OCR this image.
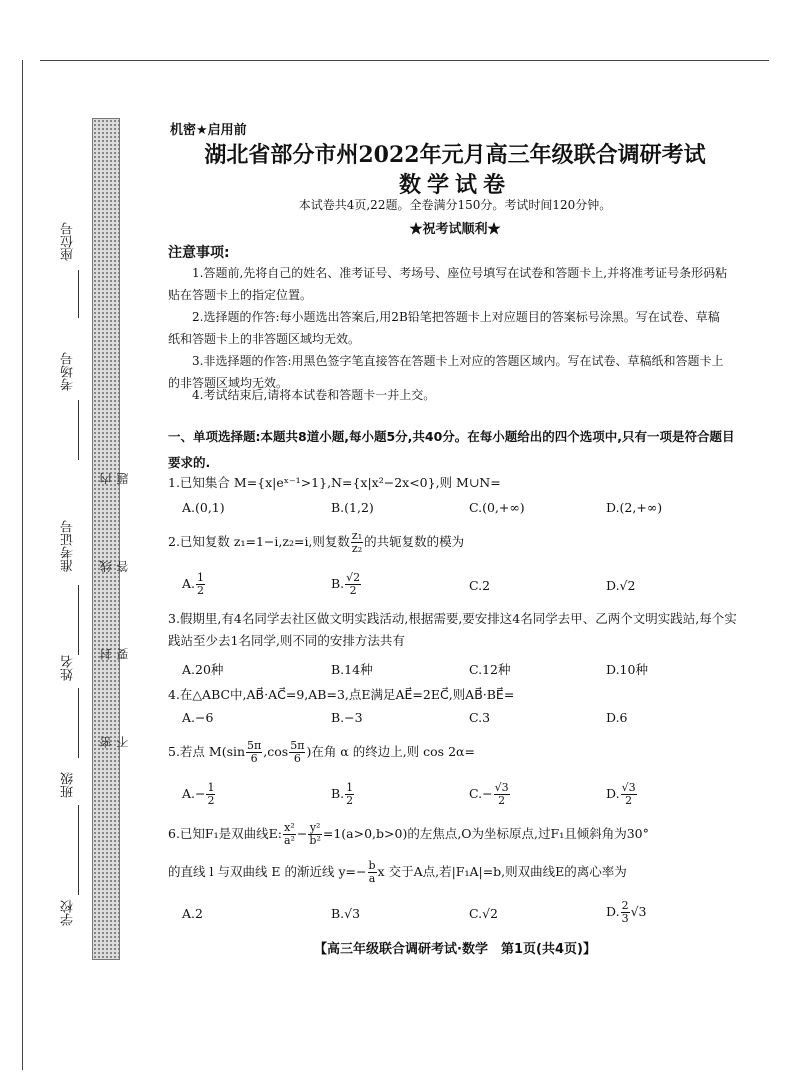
座位号
考场号
准考证号
姓名
班级
学校
密 封 线 内 不 要 答 题
机密★启用前
湖北省部分市州2022年元月高三年级联合调研考试
数学试卷
本试卷共4页,22题。全卷满分150分。考试时间120分钟。
★祝考试顺利★
注意事项:
1.答题前,先将自己的姓名、准考证号、考场号、座位号填写在试卷和答题卡上,并将准考证号条形码粘贴在答题卡上的指定位置。
2.选择题的作答:每小题选出答案后,用2B铅笔把答题卡上对应题目的答案标号涂黑。写在试卷、草稿纸和答题卡上的非答题区域均无效。
3.非选择题的作答:用黑色签字笔直接答在答题卡上对应的答题区域内。写在试卷、草稿纸和答题卡上的非答题区域均无效。
4.考试结束后,请将本试卷和答题卡一并上交。
一、单项选择题:本题共8道小题,每小题5分,共40分。在每小题给出的四个选项中,只有一项是符合题目要求的.
1.已知集合 M={x|eˣ⁻¹>1},N={x|x²−2x<0},则 M∪N=
A.(0,1)	B.(1,2)	C.(0,+∞)	D.(2,+∞)
2.已知复数 z₁=1−i,z₂=i,则复数 $\frac{\text{z₁}}{\text{z₂}}$ 的共轭复数的模为
A. $\frac{1}{2}$	B. $\frac{√2}{2}$	C.2	D.√2
3.假期里,有4名同学去社区做文明实践活动,根据需要,要安排这4名同学去甲、乙两个文明实践站,每个实践站至少去1名同学,则不同的安排方法共有
A.20种	B.14种	C.12种	D.10种
4.在△ABC中,AB⃗·AC⃗=9,AB=3,点E满足AE⃗=2EC⃗,则AB⃗·BE⃗=
A.−6	B.−3	C.3	D.6
5.若点 $M(\sin \frac{5\pi}{6} ,\cos \frac{5\pi}{6}$ )在角 α 的终边上,则 cos 2α=
$A.- \frac{1}{2}$	B. $\frac{1}{2}$	$C.- \frac{√3}{2}$	D. $\frac{√3}{2}$
6.已知F₁是双曲线E: $\frac{\text{x²}}{\text{a²}} - \frac{\text{y²}}{\text{b²}} =1(a>0,b>0)$的左焦点,O为坐标原点,过F₁且倾斜角为30°
的直线 l 与双曲线 E 的渐近线 $y=- \frac{b}{a}$ x 交于A点,若|F₁A|=b,则双曲线E的离心率为
A.2	B.√3	C.√2	D. $\frac{2}{3} √3$
【高三年级联合调研考试·数学　第1页(共4页)】
